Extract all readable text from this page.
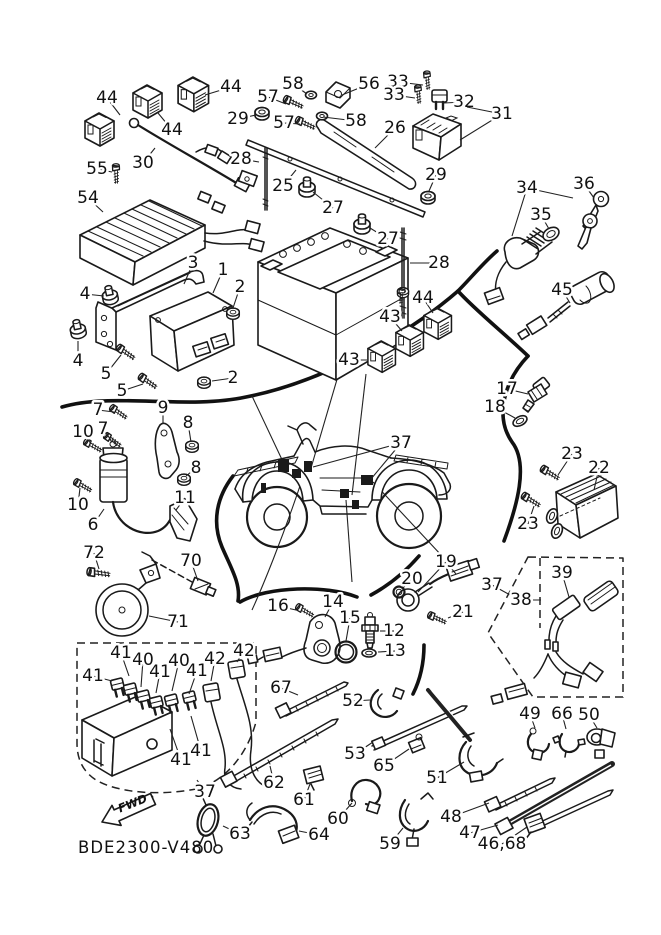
FWD
BDE2300-V480
44
44
44
30
55
54
29
57
58	56
57	58 26
25
27
27
28
28
29
33
33	32
31
34
35
36
45
3 1
2
2
4
4
5
5
7	9
7
10	8
8
10	11
6
43
44
43
17
18
37
23
22
23
19
20
21
37
38
39
72	70
71
16 14
15
12
13
41
41 40
41
40
41
42 42
41
41
37
67
52
53
65
62
61
60
51
59
64
63
49 66 50
48
47
46,68
